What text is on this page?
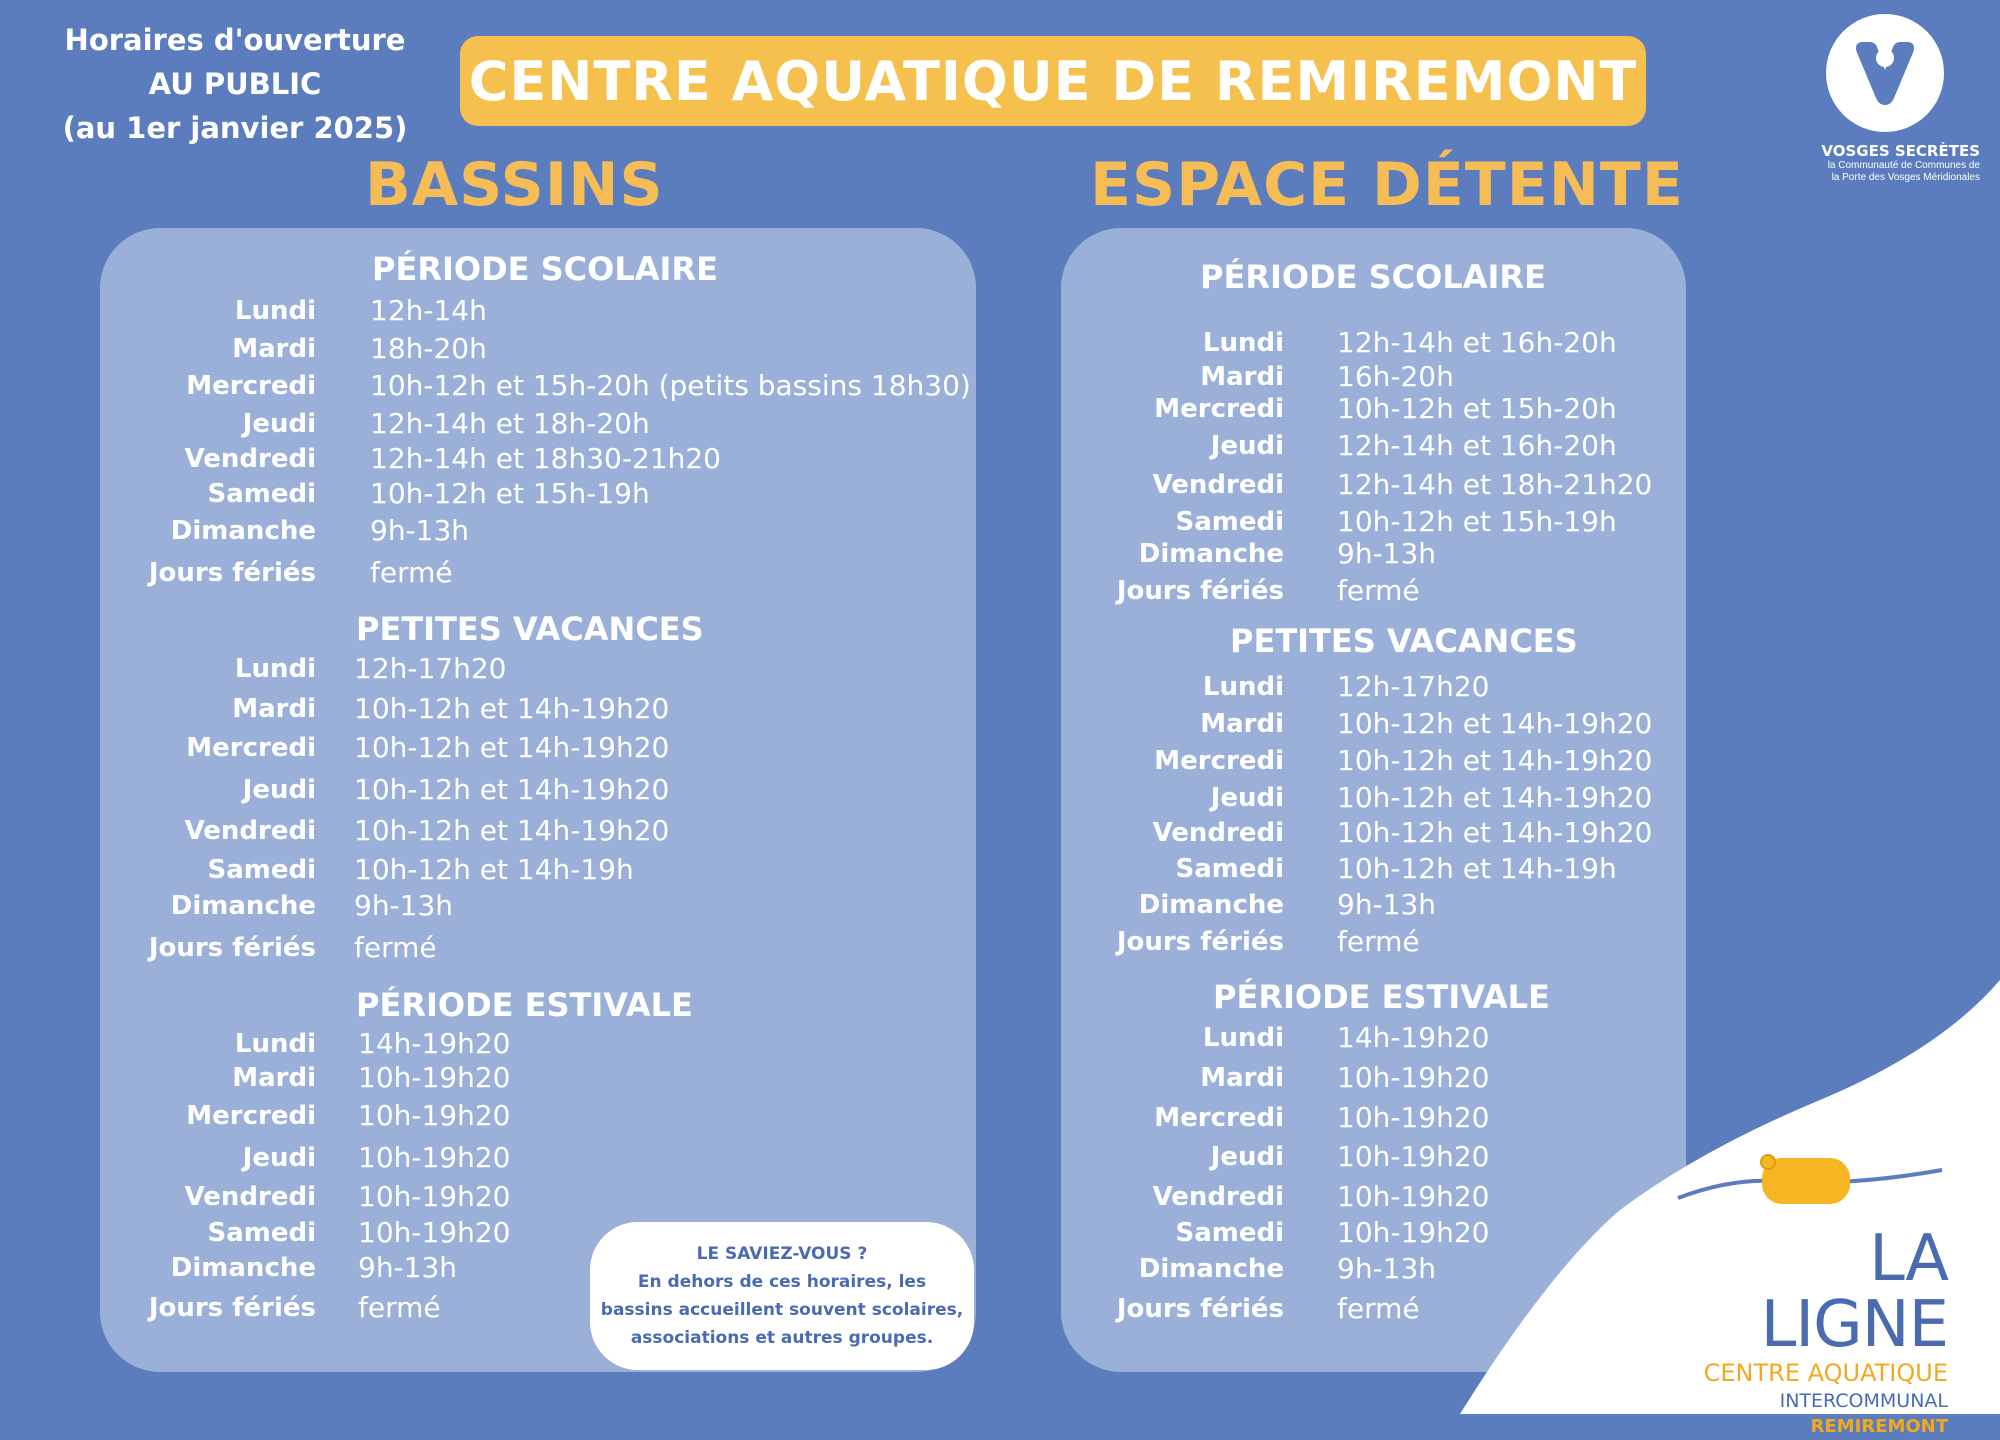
Horaires d'ouverture
AU PUBLIC
(au 1er janvier 2025)
CENTRE AQUATIQUE DE REMIREMONT
VOSGES SECRÈTES
la Communauté de Communes de
la Porte des Vosges Méridionales
BASSINS	ESPACE DÉTENTE
PÉRIODE SCOLAIRE
Lundi 12h-14h
Mardi 18h-20h
Mercredi 10h-12h et 15h-20h (petits bassins 18h30)
Jeudi 12h-14h et 18h-20h
Vendredi 12h-14h et 18h30-21h20
Samedi 10h-12h et 15h-19h
Dimanche 9h-13h
Jours fériés fermé
PETITES VACANCES
Lundi 12h-17h20
Mardi 10h-12h et 14h-19h20
Mercredi 10h-12h et 14h-19h20
Jeudi 10h-12h et 14h-19h20
Vendredi 10h-12h et 14h-19h20
Samedi 10h-12h et 14h-19h
Dimanche 9h-13h
Jours fériés fermé
PÉRIODE ESTIVALE
Lundi 14h-19h20
Mardi 10h-19h20
Mercredi 10h-19h20
Jeudi 10h-19h20
Vendredi 10h-19h20
Samedi 10h-19h20
Dimanche 9h-13h
Jours fériés fermé
PÉRIODE SCOLAIRE
Lundi 12h-14h et 16h-20h
Mardi 16h-20h
Mercredi 10h-12h et 15h-20h
Jeudi 12h-14h et 16h-20h
Vendredi 12h-14h et 18h-21h20
Samedi 10h-12h et 15h-19h
Dimanche 9h-13h
Jours fériés fermé
PETITES VACANCES
Lundi 12h-17h20
Mardi 10h-12h et 14h-19h20
Mercredi 10h-12h et 14h-19h20
Jeudi 10h-12h et 14h-19h20
Vendredi 10h-12h et 14h-19h20
Samedi 10h-12h et 14h-19h
Dimanche 9h-13h
Jours fériés fermé
PÉRIODE ESTIVALE
Lundi 14h-19h20
Mardi 10h-19h20
Mercredi 10h-19h20
Jeudi 10h-19h20
Vendredi 10h-19h20
Samedi 10h-19h20
Dimanche 9h-13h
Jours fériés fermé
LE SAVIEZ-VOUS ?
En dehors de ces horaires, les
bassins accueillent souvent scolaires,
associations et autres groupes.
LA LIGNE
CENTRE AQUATIQUE
INTERCOMMUNAL
REMIREMONT
